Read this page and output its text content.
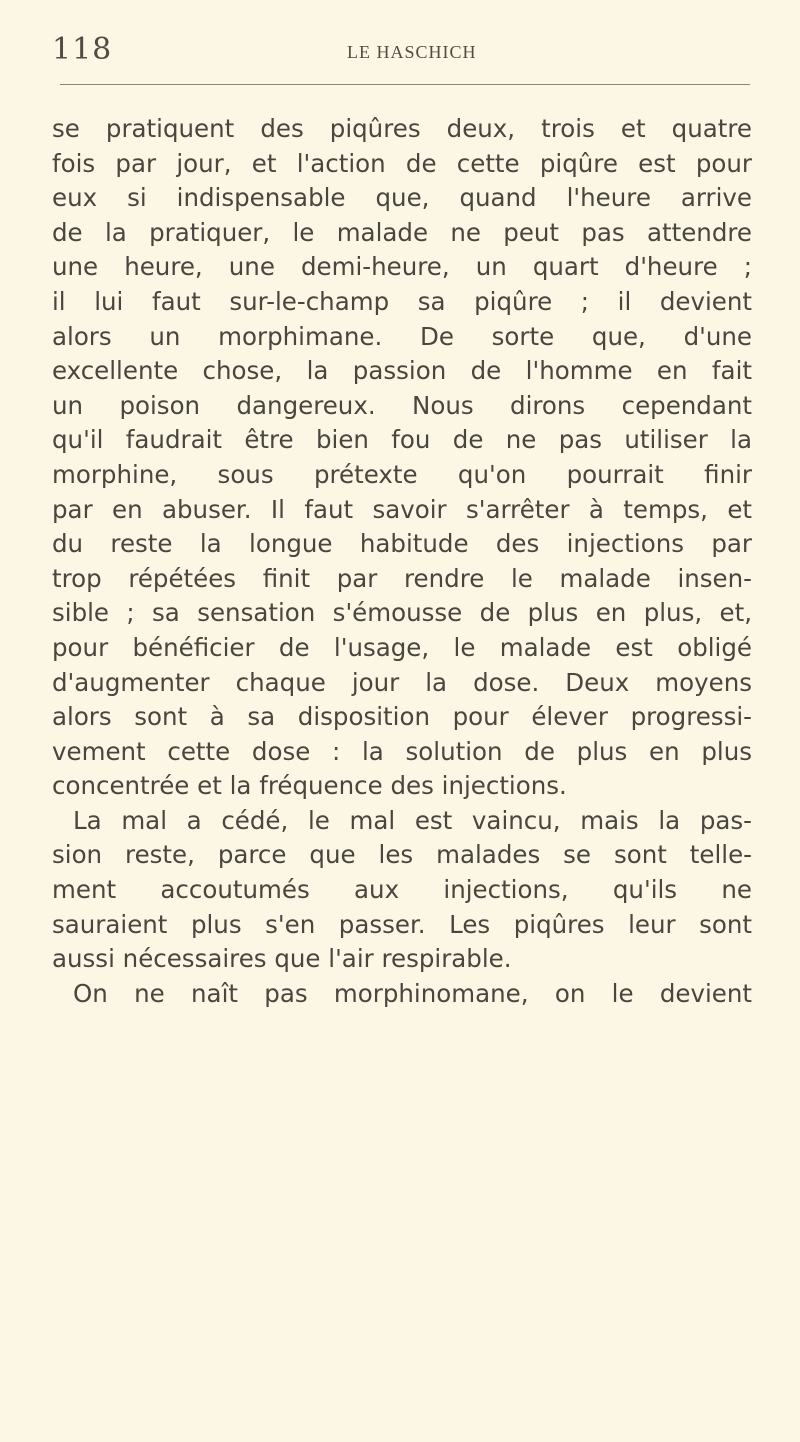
118	LE HASCHICH
se pratiquent des piqûres deux, trois et quatre
fois par jour, et l'action de cette piqûre est pour
eux si indispensable que, quand l'heure arrive
de la pratiquer, le malade ne peut pas attendre
une heure, une demi-heure, un quart d'heure ;
il lui faut sur-le-champ sa piqûre ; il devient
alors un morphimane. De sorte que, d'une
excellente chose, la passion de l'homme en fait
un poison dangereux. Nous dirons cependant
qu'il faudrait être bien fou de ne pas utiliser la
morphine, sous prétexte qu'on pourrait finir
par en abuser. Il faut savoir s'arrêter à temps, et
du reste la longue habitude des injections par
trop répétées finit par rendre le malade insen-
sible ; sa sensation s'émousse de plus en plus, et,
pour bénéficier de l'usage, le malade est obligé
d'augmenter chaque jour la dose. Deux moyens
alors sont à sa disposition pour élever progressi-
vement cette dose : la solution de plus en plus
concentrée et la fréquence des injections.
La mal a cédé, le mal est vaincu, mais la pas-
sion reste, parce que les malades se sont telle-
ment accoutumés aux injections, qu'ils ne
sauraient plus s'en passer. Les piqûres leur sont
aussi nécessaires que l'air respirable.
On ne naît pas morphinomane, on le devient
